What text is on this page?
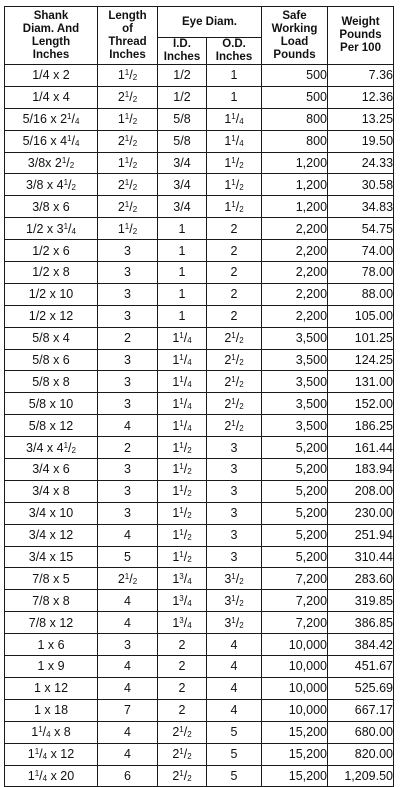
Shank
Diam. And
Length
Inches	Length
of
Thread
Inches	Eye Diam.		Safe
Working
Load
Pounds	Weight
Pounds
Per 100
		I.D.
Inches	O.D.
Inches		
1/4 x 2	$1^1/_2$	1/2	1	500	7.36
1/4 x 4	$2^1/_2$	1/2	1	500	12.36
5/16 x $2^1/_4$	$1^1/_2$	5/8	$1^1/_4$	800	13.25
5/16 x $4^1/_4$	$2^1/_2$	5/8	$1^1/_4$	800	19.50
3/8x $2^1/_2$	$1^1/_2$	3/4	$1^1/_2$	1,200	24.33
3/8 x $4^1/_2$	$2^1/_2$	3/4	$1^1/_2$	1,200	30.58
3/8 x 6	$2^1/_2$	3/4	$1^1/_2$	1,200	34.83
1/2 x $3^1/_4$	$1^1/_2$	1	2	2,200	54.75
1/2 x 6	3	1	2	2,200	74.00
1/2 x 8	3	1	2	2,200	78.00
1/2 x 10	3	1	2	2,200	88.00
1/2 x 12	3	1	2	2,200	105.00
5/8 x 4	2	$1^1/_4$	$2^1/_2$	3,500	101.25
5/8 x 6	3	$1^1/_4$	$2^1/_2$	3,500	124.25
5/8 x 8	3	$1^1/_4$	$2^1/_2$	3,500	131.00
5/8 x 10	3	$1^1/_4$	$2^1/_2$	3,500	152.00
5/8 x 12	4	$1^1/_4$	$2^1/_2$	3,500	186.25
3/4 x $4^1/_2$	2	$1^1/_2$	3	5,200	161.44
3/4 x 6	3	$1^1/_2$	3	5,200	183.94
3/4 x 8	3	$1^1/_2$	3	5,200	208.00
3/4 x 10	3	$1^1/_2$	3	5,200	230.00
3/4 x 12	4	$1^1/_2$	3	5,200	251.94
3/4 x 15	5	$1^1/_2$	3	5,200	310.44
7/8 x 5	$2^1/_2$	$1^3/_4$	$3^1/_2$	7,200	283.60
7/8 x 8	4	$1^3/_4$	$3^1/_2$	7,200	319.85
7/8 x 12	4	$1^3/_4$	$3^1/_2$	7,200	386.85
1 x 6	3	2	4	10,000	384.42
1 x 9	4	2	4	10,000	451.67
1 x 12	4	2	4	10,000	525.69
1 x 18	7	2	4	10,000	667.17
$1^1/_4$ x 8	4	$2^1/_2$	5	15,200	680.00
$1^1/_4$ x 12	4	$2^1/_2$	5	15,200	820.00
$1^1/_4$ x 20	6	$2^1/_2$	5	15,200	1,209.50
